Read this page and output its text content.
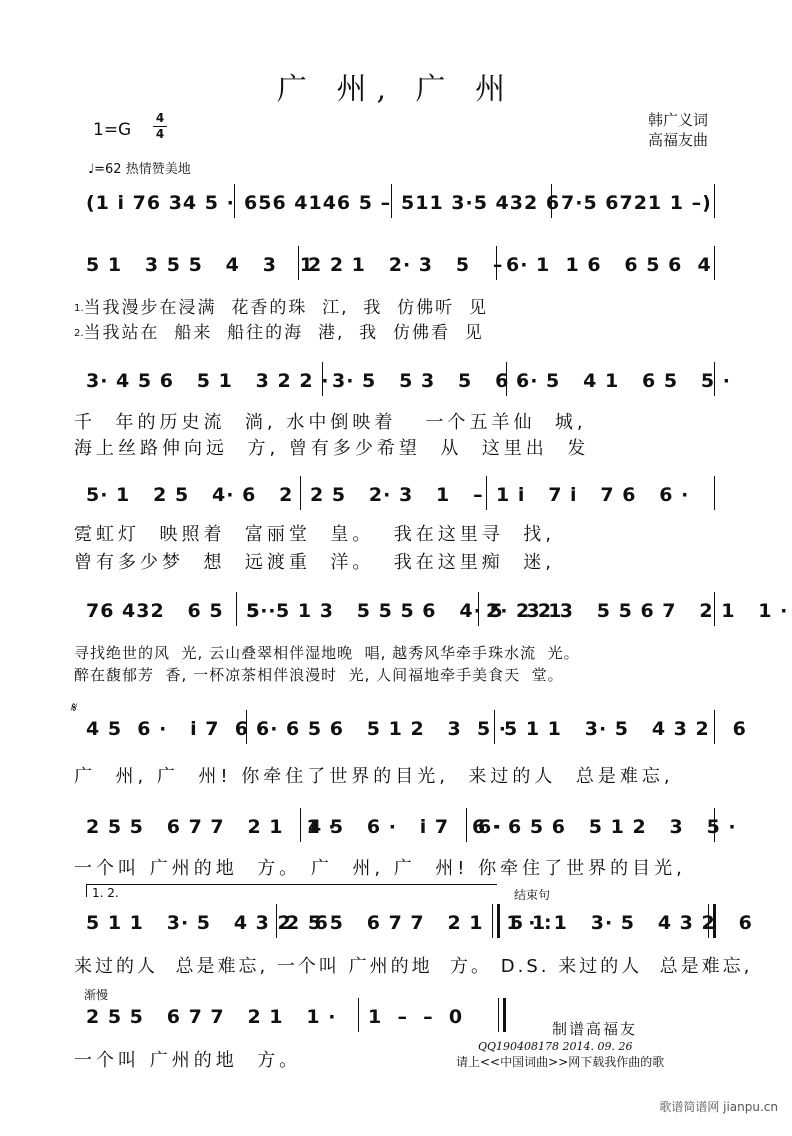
广 州, 广 州
1=G
4
4
韩广义词
高福友曲
♩=62 热情赞美地

(1 i 76 34 5 ·

656 4146 5 –

511 3·5 432 6

7·5 6721 1 –)

5 1   3 5 5   4   3   1

2 2 1   2· 3   5   –

6· 1  1 6   6 5 6  4

1.当我漫步在浸满  花香的珠  江,  我  仿佛听  见
2.当我站在  船来  船往的海  港,  我  仿佛看  见

3· 4 5 6   5 1   3 2 2 ·

3· 5   5 3   5   6 ·

6· 5   4 1   6 5   5 ·

千  年的历史流  淌, 水中倒映着   一个五羊仙  城,
海上丝路伸向远  方, 曾有多少希望  从  这里出  发

5· 1   2 5   4· 6   2

2 5   2· 3   1   –

1 i   7 i   7 6   6 ·

霓虹灯  映照着  富丽堂  皇。  我在这里寻  找,
曾有多少梦  想  远渡重  洋。  我在这里痴  迷,

76 432   6 5   5 ·

5· 5 1 3   5 5 5 6   4· 5   3 1

2· 2 2 3   5 5 6 7   2 1   1 ·

寻找绝世的风  光, 云山叠翠相伴湿地晚  唱, 越秀风华牵手珠水流  光。
醉在馥郁芳  香, 一杯凉茶相伴浪漫时  光, 人间福地牵手美食天  堂。
𝄋

4 5  6 ·   i 7  6 ·

6· 6 5 6   5 1 2   3  5 ·

5 1 1   3· 5   4 3 2   6

广  州, 广  州! 你牵住了世界的目光,  来过的人  总是难忘,

2 5 5   6 7 7   2 1   1 ·

4 5   6 ·   i 7   6 ·

6· 6 5 6   5 1 2   3   5 ·

一个叫 广州的地  方。 广  州, 广  州! 你牵住了世界的目光,
1. 2.	结束句

5 1 1   3· 5   4 3 2   6

2 5 5   6 7 7   2 1   1 · :

5 1 1   3· 5   4 3 2   6

来过的人  总是难忘, 一个叫 广州的地  方。 D.S. 来过的人  总是难忘,
渐慢

2 5 5   6 7 7   2 1   1 ·

1  –  –  0

一个叫 广州的地  方。
制谱高福友
QQ190408178 2014. 09. 26
请上<<中国词曲>>网下载我作曲的歌
歌谱简谱网 jianpu.cn
